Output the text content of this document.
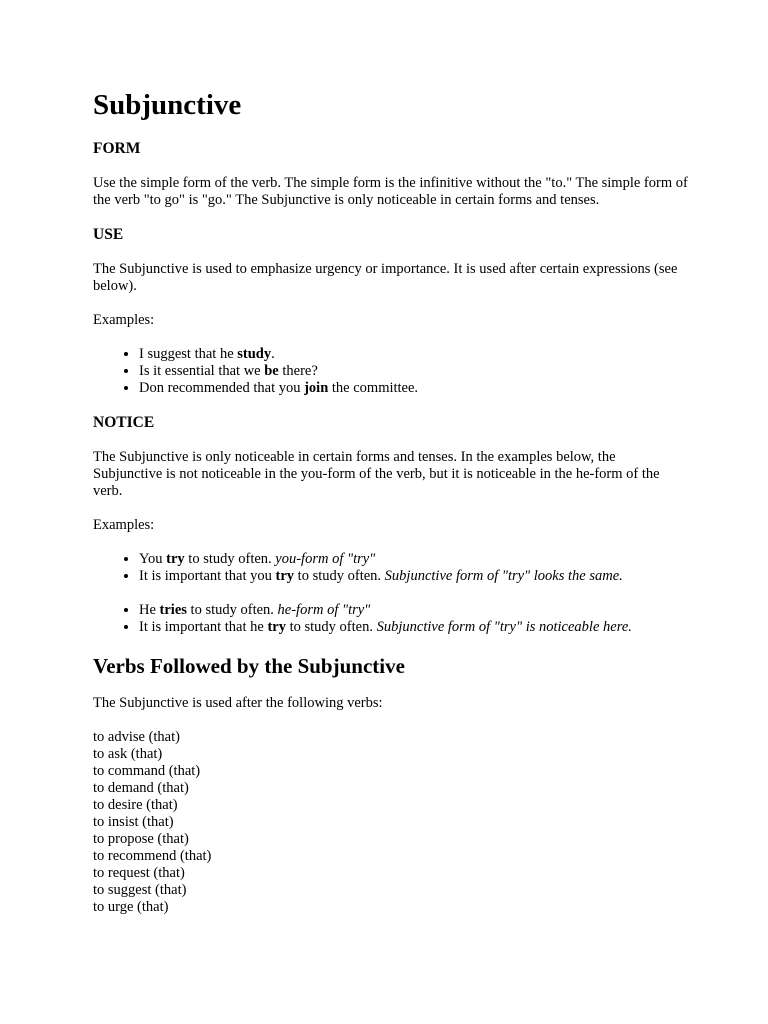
Subjunctive
FORM

Use the simple form of the verb. The simple form is the infinitive without the "to." The simple form of the verb "to go" is "go." The Subjunctive is only noticeable in certain forms and tenses.

USE

The Subjunctive is used to emphasize urgency or importance. It is used after certain expressions (see below).

Examples:

• I suggest that he study.
• Is it essential that we be there?
• Don recommended that you join the committee.
NOTICE

The Subjunctive is only noticeable in certain forms and tenses. In the examples below, the Subjunctive is not noticeable in the you-form of the verb, but it is noticeable in the he-form of the verb.

Examples:

• You try to study often. you-form of "try"
• It is important that you try to study often. Subjunctive form of "try" looks the same.
• He tries to study often. he-form of "try"
• It is important that he try to study often. Subjunctive form of "try" is noticeable here.
Verbs Followed by the Subjunctive

The Subjunctive is used after the following verbs:

to advise (that)
to ask (that)
to command (that)
to demand (that)
to desire (that)
to insist (that)
to propose (that)
to recommend (that)
to request (that)
to suggest (that)
to urge (that)
